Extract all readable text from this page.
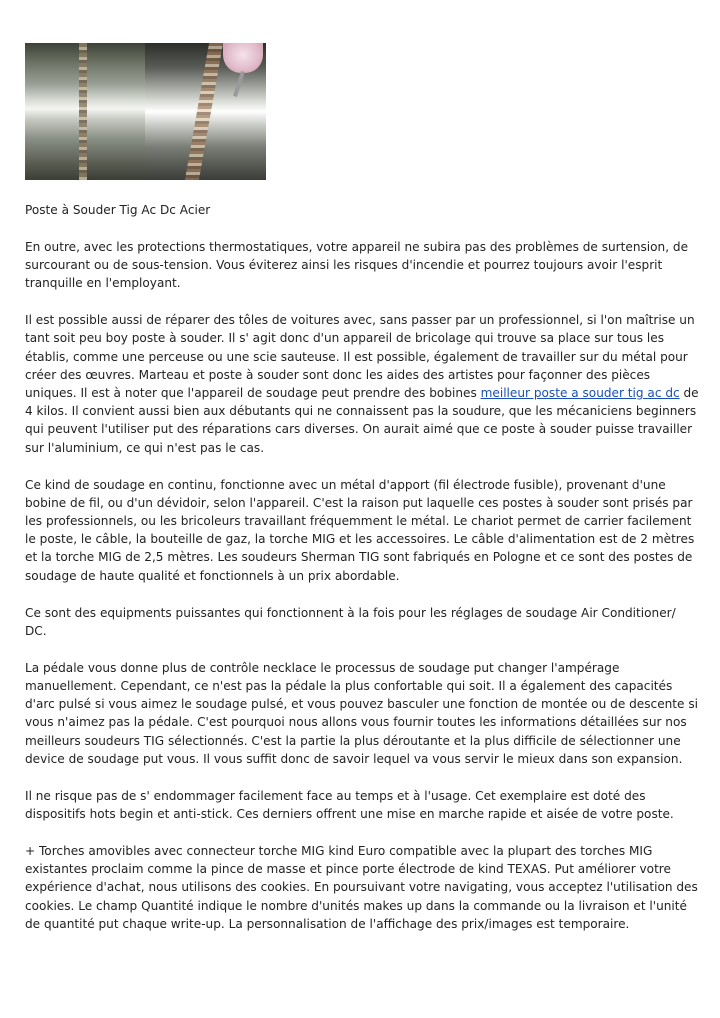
Poste à Souder Tig Ac Dc Acier

En outre, avec les protections thermostatiques, votre appareil ne subira pas des problèmes de surtension, de surcourant ou de sous-tension. Vous éviterez ainsi les risques d'incendie et pourrez toujours avoir l'esprit tranquille en l'employant.

Il est possible aussi de réparer des tôles de voitures avec, sans passer par un professionnel, si l'on maîtrise un tant soit peu boy poste à souder. Il s' agit donc d'un appareil de bricolage qui trouve sa place sur tous les établis, comme une perceuse ou une scie sauteuse. Il est possible, également de travailler sur du métal pour créer des œuvres. Marteau et poste à souder sont donc les aides des artistes pour façonner des pièces uniques. Il est à noter que l'appareil de soudage peut prendre des bobines meilleur poste a souder tig ac dc de 4 kilos. Il convient aussi bien aux débutants qui ne connaissent pas la soudure, que les mécaniciens beginners qui peuvent l'utiliser put des réparations cars diverses. On aurait aimé que ce poste à souder puisse travailler sur l'aluminium, ce qui n'est pas le cas.

Ce kind de soudage en continu, fonctionne avec un métal d'apport (fil électrode fusible), provenant d'une bobine de fil, ou d'un dévidoir, selon l'appareil. C'est la raison put laquelle ces postes à souder sont prisés par les professionnels, ou les bricoleurs travaillant fréquemment le métal. Le chariot permet de carrier facilement le poste, le câble, la bouteille de gaz, la torche MIG et les accessoires. Le câble d'alimentation est de 2 mètres et la torche MIG de 2,5 mètres. Les soudeurs Sherman TIG sont fabriqués en Pologne et ce sont des postes de soudage de haute qualité et fonctionnels à un prix abordable.

Ce sont des equipments puissantes qui fonctionnent à la fois pour les réglages de soudage Air Conditioner/ DC.

La pédale vous donne plus de contrôle necklace le processus de soudage put changer l'ampérage manuellement. Cependant, ce n'est pas la pédale la plus confortable qui soit. Il a également des capacités d'arc pulsé si vous aimez le soudage pulsé, et vous pouvez basculer une fonction de montée ou de descente si vous n'aimez pas la pédale. C'est pourquoi nous allons vous fournir toutes les informations détaillées sur nos meilleurs soudeurs TIG sélectionnés. C'est la partie la plus déroutante et la plus difficile de sélectionner une device de soudage put vous. Il vous suffit donc de savoir lequel va vous servir le mieux dans son expansion.

Il ne risque pas de s' endommager facilement face au temps et à l'usage. Cet exemplaire est doté des dispositifs hots begin et anti-stick. Ces derniers offrent une mise en marche rapide et aisée de votre poste.

+ Torches amovibles avec connecteur torche MIG kind Euro compatible avec la plupart des torches MIG existantes proclaim comme la pince de masse et pince porte électrode de kind TEXAS. Put améliorer votre expérience d'achat, nous utilisons des cookies. En poursuivant votre navigating, vous acceptez l'utilisation des cookies. Le champ Quantité indique le nombre d'unités makes up dans la commande ou la livraison et l'unité de quantité put chaque write-up. La personnalisation de l'affichage des prix/images est temporaire.
